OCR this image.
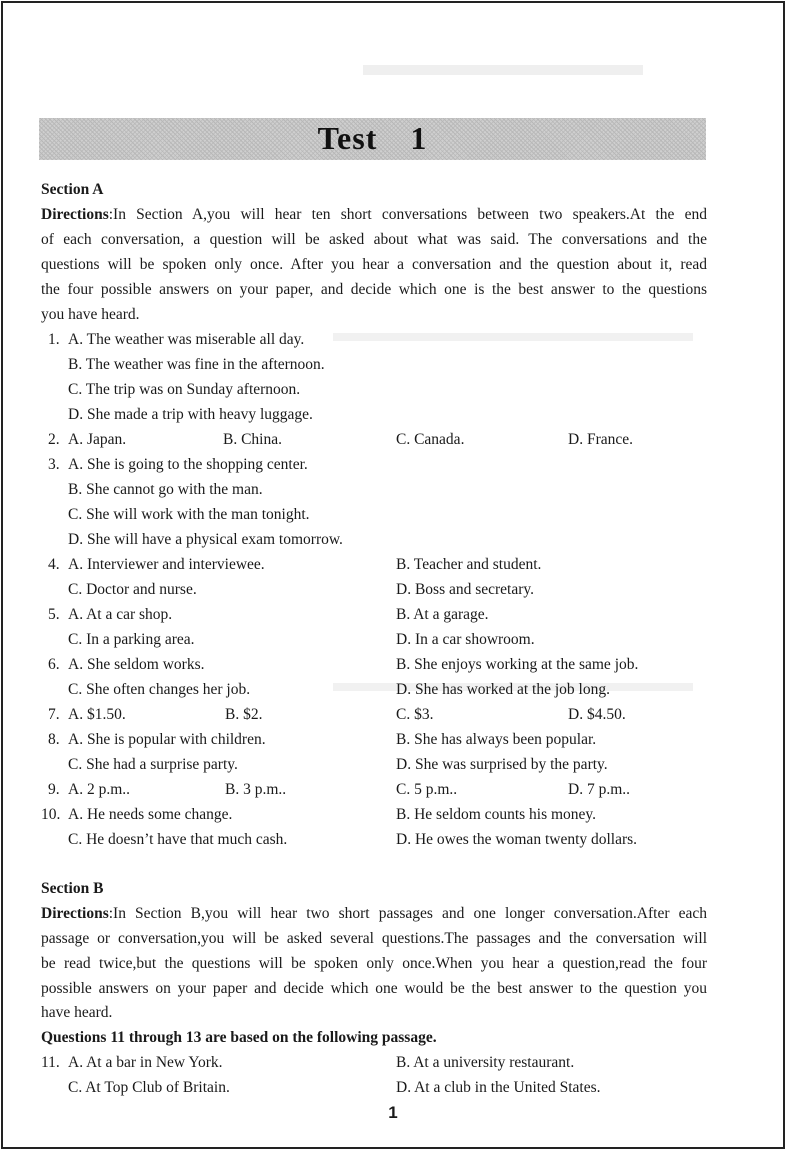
Test 1
Section A
Directions:In Section A,you will hear ten short conversations between two speakers.At the end
of each conversation, a question will be asked about what was said. The conversations and the
questions will be spoken only once. After you hear a conversation and the question about it, read
the four possible answers on your paper, and decide which one is the best answer to the questions
you have heard.
1. A. The weather was miserable all day.
B. The weather was fine in the afternoon.
C. The trip was on Sunday afternoon.
D. She made a trip with heavy luggage.
2. A. Japan.	B. China.	C. Canada.	D. France.
3. A. She is going to the shopping center.
B. She cannot go with the man.
C. She will work with the man tonight.
D. She will have a physical exam tomorrow.
4. A. Interviewer and interviewee.	B. Teacher and student.
C. Doctor and nurse.	D. Boss and secretary.
5. A. At a car shop.	B. At a garage.
C. In a parking area.	D. In a car showroom.
6. A. She seldom works.	B. She enjoys working at the same job.
C. She often changes her job.	D. She has worked at the job long.
7. A. $1.50.	B. $2.	C. $3.	D. $4.50.
8. A. She is popular with children.	B. She has always been popular.
C. She had a surprise party.	D. She was surprised by the party.
9. A. 2 p.m..	B. 3 p.m..	C. 5 p.m..	D. 7 p.m..
10. A. He needs some change.	B. He seldom counts his money.
C. He doesn’t have that much cash.	D. He owes the woman twenty dollars.
Section B
Directions:In Section B,you will hear two short passages and one longer conversation.After each
passage or conversation,you will be asked several questions.The passages and the conversation will
be read twice,but the questions will be spoken only once.When you hear a question,read the four
possible answers on your paper and decide which one would be the best answer to the question you
have heard.
Questions 11 through 13 are based on the following passage.
11. A. At a bar in New York.	B. At a university restaurant.
C. At Top Club of Britain.	D. At a club in the United States.
1
